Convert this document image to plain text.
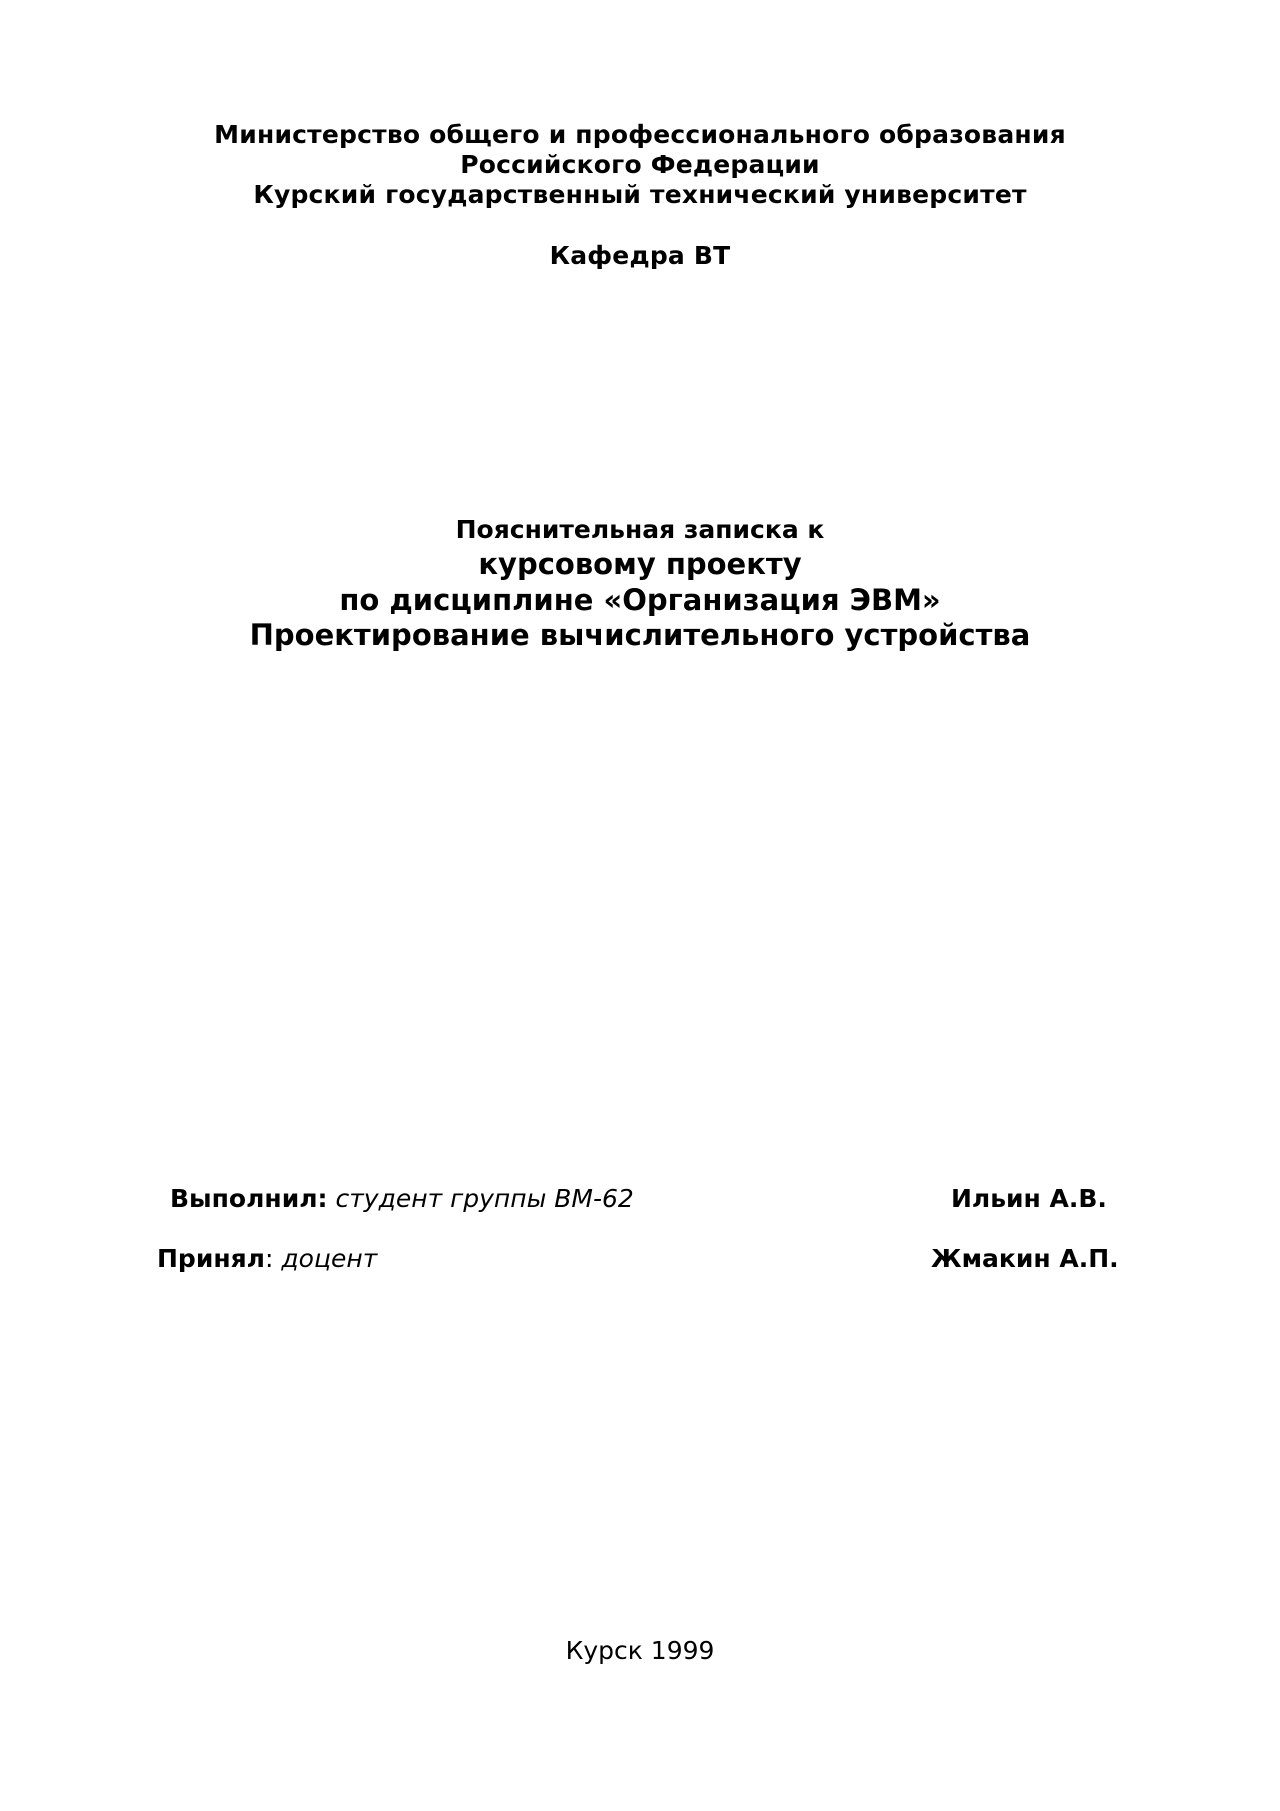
Министерство общего и профессионального образования
Российского Федерации
Курский государственный технический университет
Кафедра ВТ
Пояснительная записка к
курсовому проекту
по дисциплине «Организация ЭВМ»
Проектирование вычислительного устройства
Выполнил: студент группы ВМ-62	Ильин А.В.
Принял: доцент	Жмакин А.П.
Курск 1999
